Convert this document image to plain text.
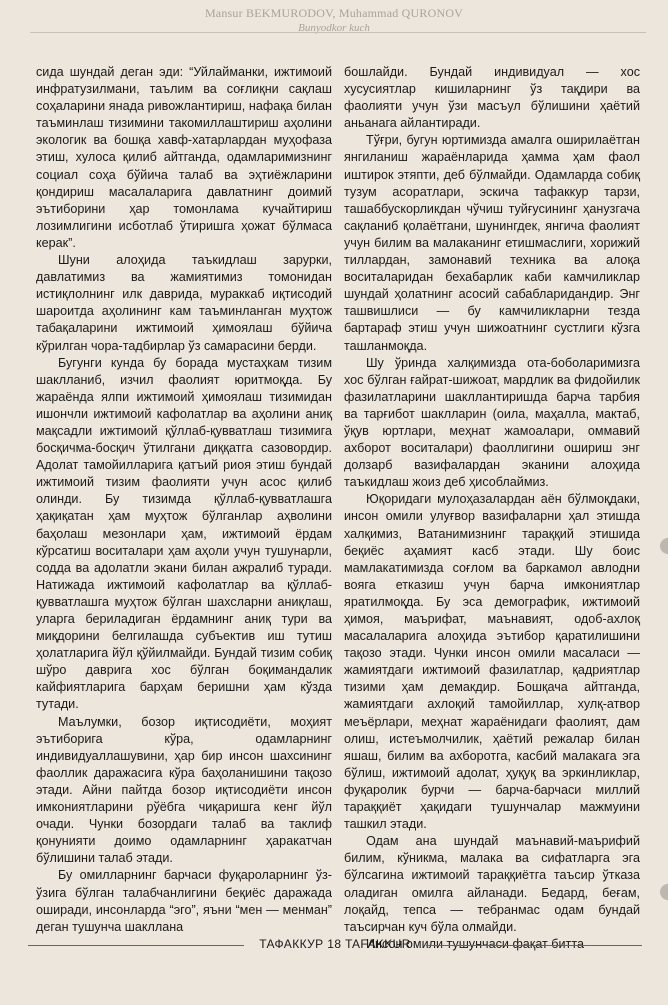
Mansur BEKMURODOV, Muhammad QURONOV
Bunyodkor kuch

сида шундай деган эди: “Уйлайманки, ижтимоий инфратузилмани, таълим ва соғлиқни сақлаш соҳаларини янада ривожлантириш, нафақа билан таъминлаш тизимини такомиллаштириш аҳолини экологик ва бошқа хавф-хатарлардан муҳофаза этиш, хулоса қилиб айтганда, одамларимизнинг социал соҳа бўйича талаб ва эҳтиёжларини қондириш масалаларига давлатнинг доимий эътиборини ҳар томонлама кучайтириш лозимлигини исботлаб ўтиришга ҳожат бўлмаса керак”.

Шуни алоҳида таъкидлаш зарурки, давлатимиз ва жамиятимиз томонидан истиқлолнинг илк даврида, мураккаб иқтисодий шароитда аҳолининг кам таъминланган муҳтож табақаларини ижтимоий ҳимоялаш бўйича кўрилган чора-тадбирлар ўз самарасини берди.

Бугунги кунда бу борада мустаҳкам тизим шаклланиб, изчил фаолият юритмоқда. Бу жараёнда ялпи ижтимоий ҳимоялаш тизимидан ишончли ижтимоий кафолатлар ва аҳолини аниқ мақсадли ижтимоий қўллаб-қувватлаш тизимига босқичма-босқич ўтилгани диққатга сазовордир. Адолат тамойилларига қатъий риоя этиш бундай ижтимоий тизим фаолияти учун асос қилиб олинди. Бу тизимда қўллаб-қувватлашга ҳақиқатан ҳам муҳтож бўлганлар аҳволини баҳолаш мезонлари ҳам, ижтимоий ёрдам кўрсатиш воситалари ҳам аҳоли учун тушунарли, содда ва адолатли экани билан ажралиб туради. Натижада ижтимоий кафолатлар ва қўллаб-қувватлашга муҳтож бўлган шахсларни аниқлаш, уларга бериладиган ёрдамнинг аниқ тури ва миқдорини белгилашда субъектив иш тутиш ҳолатларига йўл қўйилмайди. Бундай тизим собиқ шўро даврига хос бўлган боқимандалик кайфиятларига барҳам беришни ҳам кўзда тутади.

Маълумки, бозор иқтисодиёти, моҳият эътиборига кўра, одамларнинг индивидуаллашувини, ҳар бир инсон шахсининг фаоллик даражасига кўра баҳоланишини тақозо этади. Айни пайтда бозор иқтисодиёти инсон имкониятларини рўёбга чиқаришга кенг йўл очади. Чунки бозордаги талаб ва таклиф қонунияти доимо одамларнинг ҳаракатчан бўлишини талаб этади.

Бу омилларнинг барчаси фуқароларнинг ўз-ўзига бўлган талабчанлигини беқиёс даражада оширади, инсонларда “эго”, яъни “мен — менман” деган тушунча шакллана

бошлайди. Бундай индивидуал — хос хусусиятлар кишиларнинг ўз тақдири ва фаолияти учун ўзи масъул бўлишини ҳаётий аньанага айлантиради.

Тўғри, бугун юртимизда амалга оширилаётган янгиланиш жараёнларида ҳамма ҳам фаол иштирок этяпти, деб бўлмайди. Одамларда собиқ тузум асоратлари, эскича тафаккур тарзи, ташаббускорликдан чўчиш туйғусининг ҳанузгача сақланиб қолаётгани, шунингдек, янгича фаолият учун билим ва малаканинг етишмаслиги, хорижий тиллардан, замонавий техника ва алоқа воситаларидан бехабарлик каби камчиликлар шундай ҳолатнинг асосий сабабларидандир. Энг ташвишлиси — бу камчиликларни тезда бартараф этиш учун шижоатнинг сустлиги кўзга ташланмоқда.

Шу ўринда халқимизда ота-боболаримизга хос бўлган ғайрат-шижоат, мардлик ва фидойилик фазилатларини шакллантиришда барча тарбия ва тарғибот шаклларин (оила, маҳалла, мактаб, ўқув юртлари, меҳнат жамоалари, оммавий ахборот воситалари) фаоллигини ошириш энг долзарб вазифалардан эканини алоҳида таъкидлаш жоиз деб ҳисоблаймиз.

Юқоридаги мулоҳазалардан аён бўлмоқдаки, инсон омили улуғвор вазифаларни ҳал этишда халқимиз, Ватанимизнинг тараққий этишида беқиёс аҳамият касб этади. Шу боис мамлакатимизда соғлом ва баркамол авлодни вояга етказиш учун барча имкониятлар яратилмоқда. Бу эса демографик, ижтимоий ҳимоя, маърифат, маънавият, одоб-ахлоқ масалаларига алоҳида эътибор қаратилишини тақозо этади. Чунки инсон омили масаласи — жамиятдаги ижтимоий фазилатлар, қадриятлар тизими ҳам демакдир. Бошқача айтганда, жамиятдаги ахлоқий тамойиллар, хулқ-атвор меъёрлари, меҳнат жараёнидаги фаолият, дам олиш, истеъмолчилик, ҳаётий режалар билан яшаш, билим ва ахборотга, касбий малакага эга бўлиш, ижтимоий адолат, ҳуқуқ ва эркинликлар, фуқаролик бурчи — барча-барчаси миллий тараққиёт ҳақидаги тушунчалар мажмуини ташкил этади.

Одам ана шундай маънавий-маърифий билим, кўникма, малака ва сифатларга эга бўлсагина ижтимоий тараққиётга таъсир ўтказа оладиган омилга айланади. Бедард, беғам, лоқайд, тепса — тебранмас одам бундай таъсирчан куч бўла олмайди.

Инсон омили тушунчаси фақат битта

ТАФАККУР 18 TAFAKKUR
